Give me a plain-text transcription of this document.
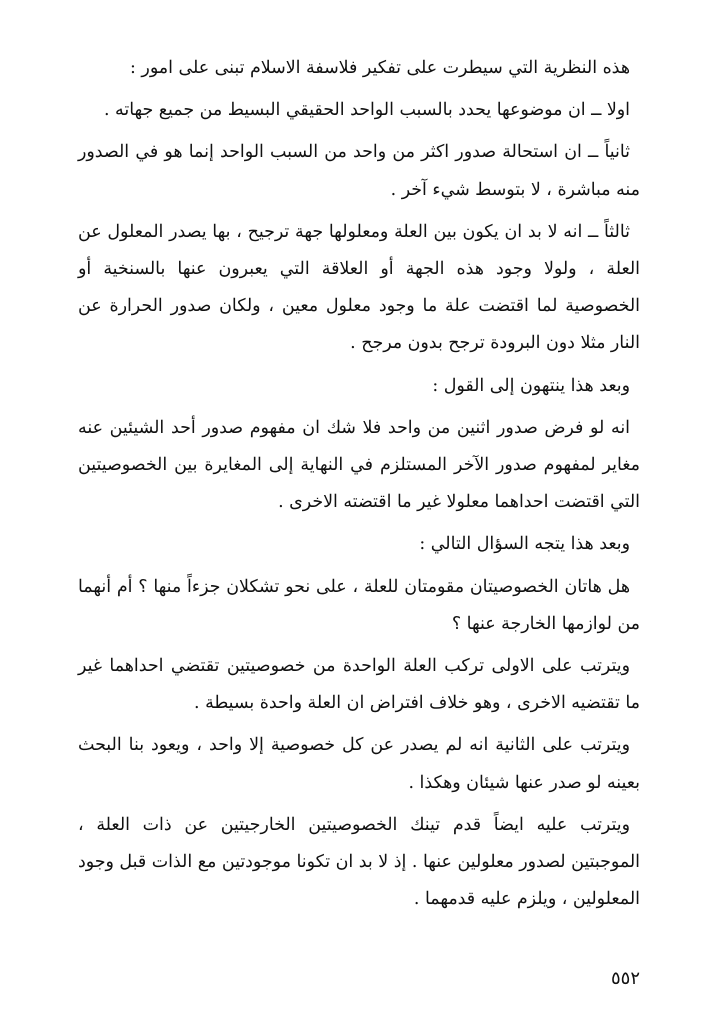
هذه النظرية التي سيطرت على تفكير فلاسفة الاسلام تبنى على امور :

اولا ــ ان موضوعها يحدد بالسبب الواحد الحقيقي البسيط من جميع جهاته .

ثانياً ــ ان استحالة صدور اكثر من واحد من السبب الواحد إنما هو في الصدور منه مباشرة ، لا بتوسط شيء آخر .

ثالثاً ــ انه لا بد ان يكون بين العلة ومعلولها جهة ترجيح ، بها يصدر المعلول عن العلة ، ولولا وجود هذه الجهة أو العلاقة التي يعبرون عنها بالسنخية أو الخصوصية لما اقتضت علة ما وجود معلول معين ، ولكان صدور الحرارة عن النار مثلا دون البرودة ترجح بدون مرجح .

وبعد هذا ينتهون إلى القول :

انه لو فرض صدور اثنين من واحد فلا شك ان مفهوم صدور أحد الشيئين عنه مغاير لمفهوم صدور الآخر المستلزم في النهاية إلى المغايرة بين الخصوصيتين التي اقتضت احداهما معلولا غير ما اقتضته الاخرى .

وبعد هذا يتجه السؤال التالي :

هل هاتان الخصوصيتان مقومتان للعلة ، على نحو تشكلان جزءاً منها ؟ أم أنهما من لوازمها الخارجة عنها ؟

ويترتب على الاولى تركب العلة الواحدة من خصوصيتين تقتضي احداهما غير ما تقتضيه الاخرى ، وهو خلاف افتراض ان العلة واحدة بسيطة .

ويترتب على الثانية انه لم يصدر عن كل خصوصية إلا واحد ، ويعود بنا البحث بعينه لو صدر عنها شيئان وهكذا .

ويترتب عليه ايضاً قدم تينك الخصوصيتين الخارجيتين عن ذات العلة ، الموجبتين لصدور معلولين عنها . إذ لا بد ان تكونا موجودتين مع الذات قبل وجود المعلولين ، ويلزم عليه قدمهما .

٥٥٢
